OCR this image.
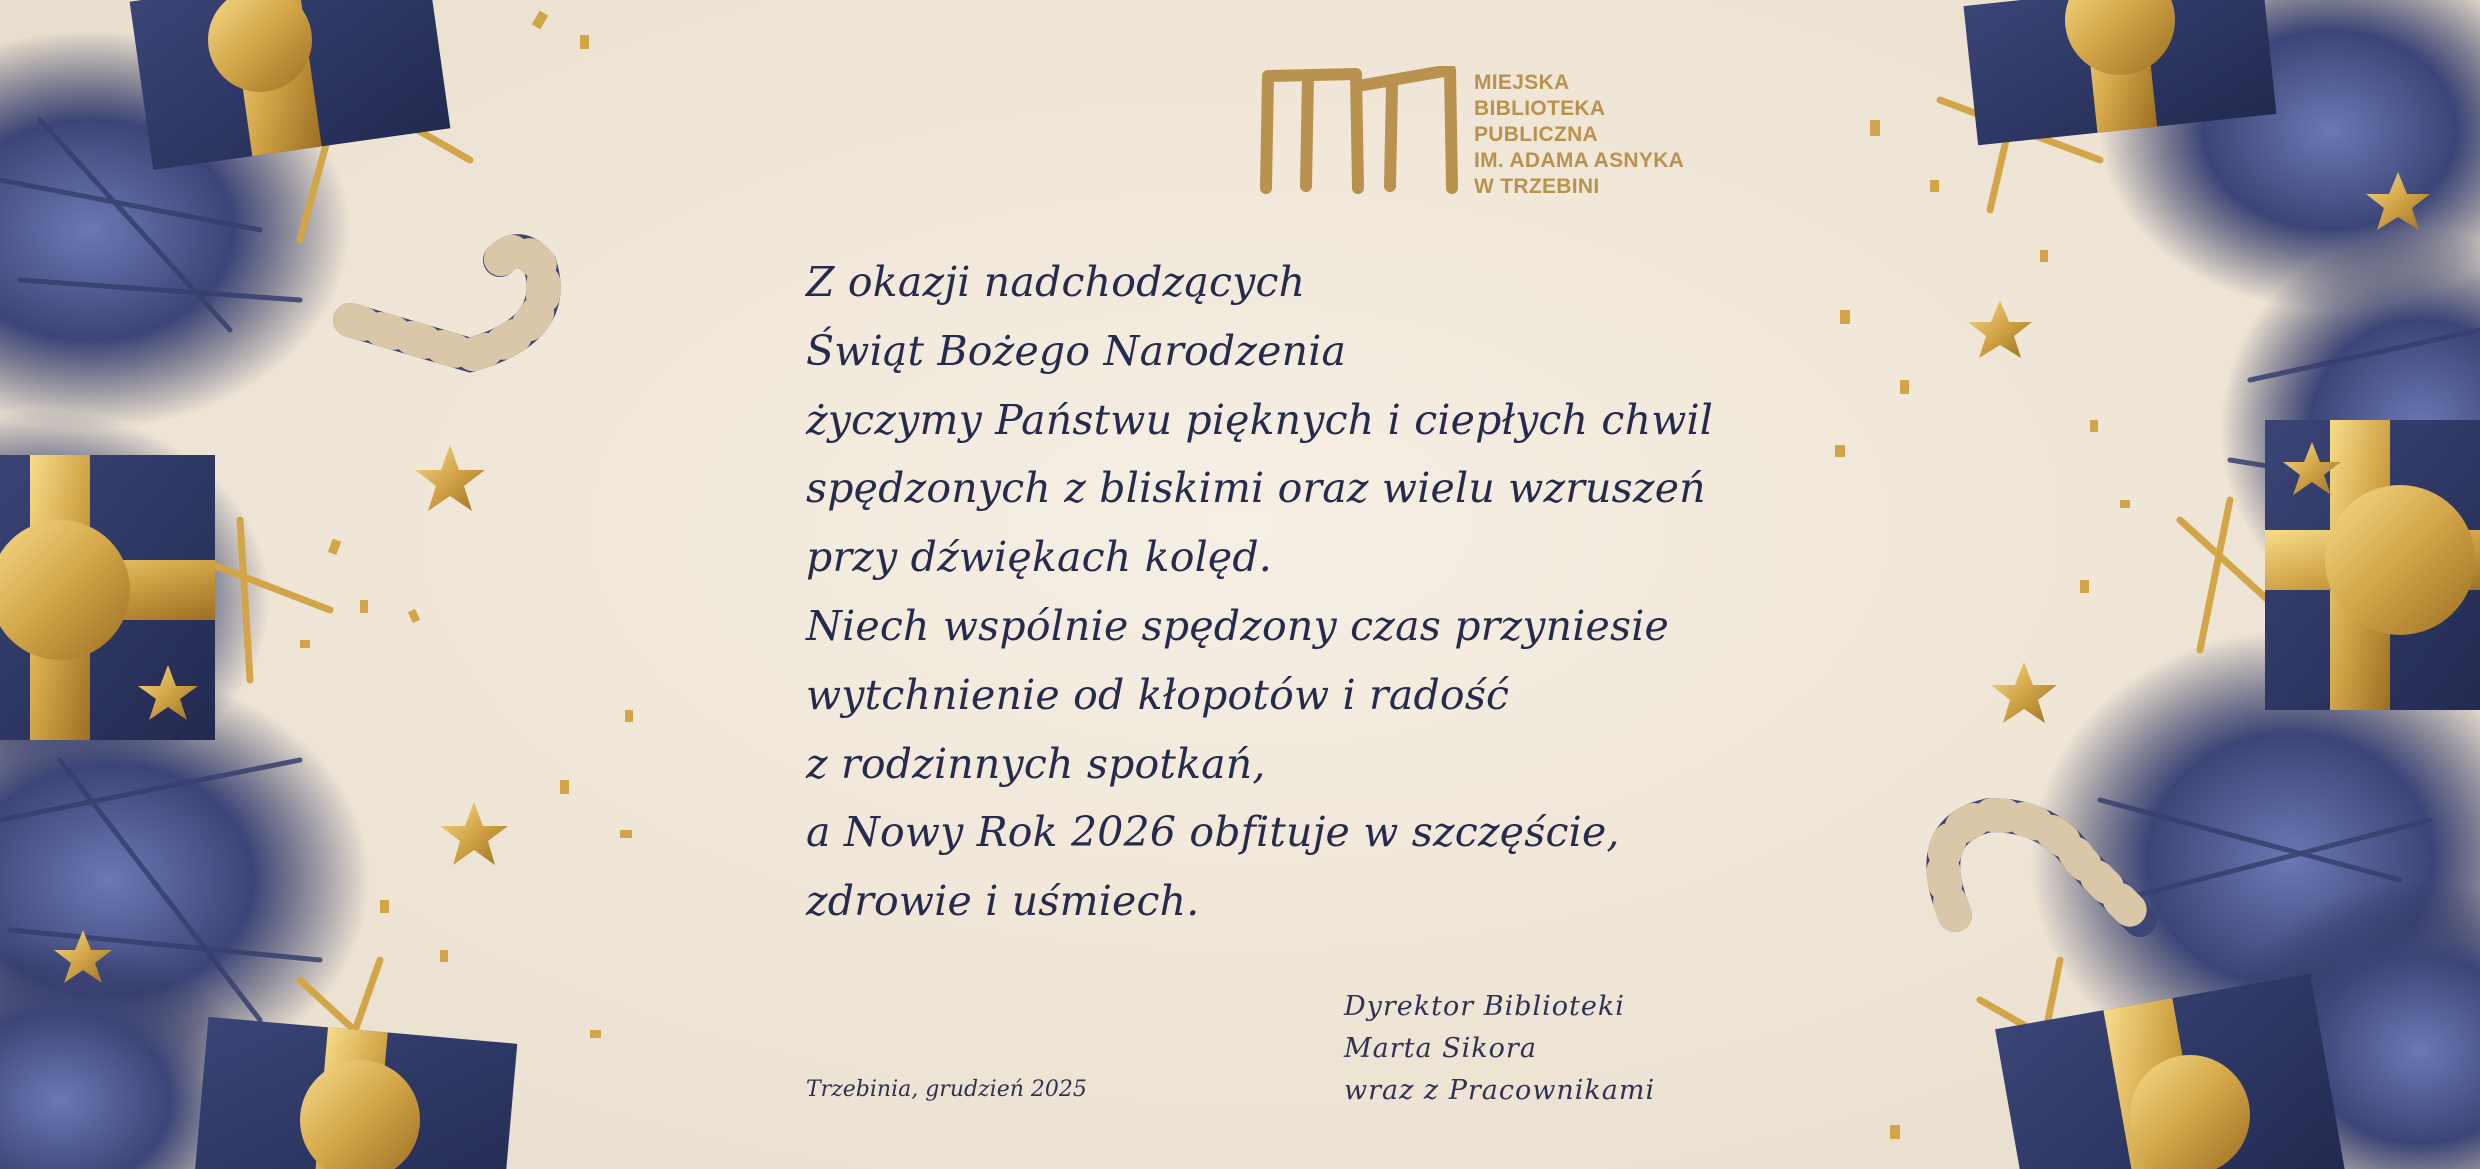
MIEJSKA
BIBLIOTEKA
PUBLICZNA
IM. ADAMA ASNYKA
W TRZEBINI
Z okazji nadchodzących
Świąt Bożego Narodzenia
życzymy Państwu pięknych i ciepłych chwil
spędzonych z bliskimi oraz wielu wzruszeń
przy dźwiękach kolęd.
Niech wspólnie spędzony czas przyniesie
wytchnienie od kłopotów i radość
z rodzinnych spotkań,
a Nowy Rok 2026 obfituje w szczęście,
zdrowie i uśmiech.
Trzebinia, grudzień 2025
Dyrektor Biblioteki
Marta Sikora
wraz z Pracownikami
